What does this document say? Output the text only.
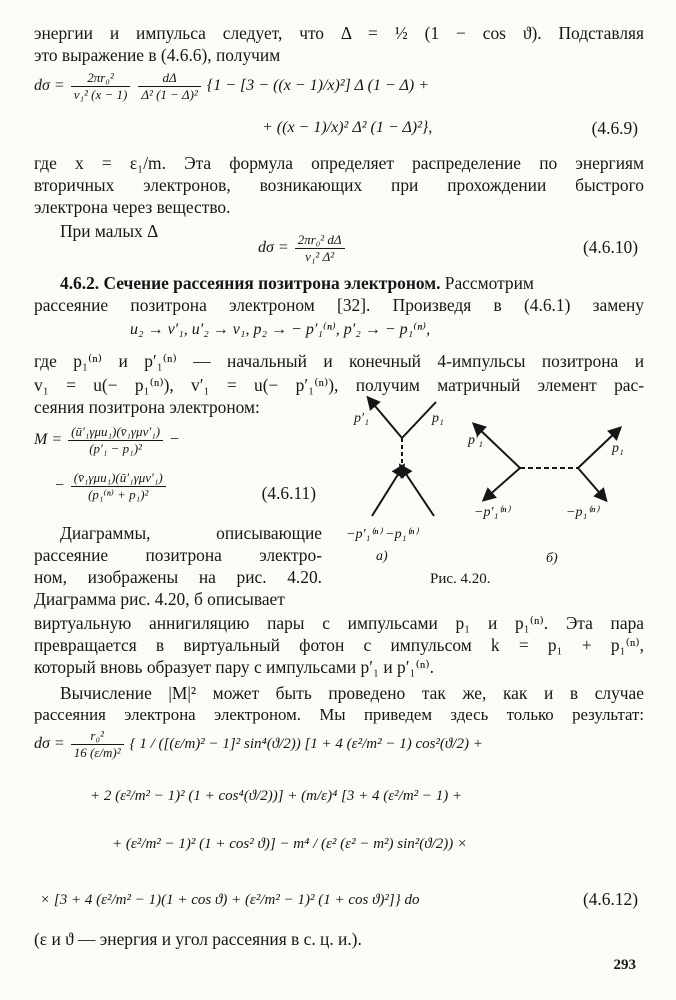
энергии и импульса следует, что Δ = ½ (1 − cos ϑ). Подставляя
это выражение в (4.6.6), получим
$d\sigma = \frac{\text{2πr₀²}}{\text{v₁² (x − 1)}}$
$\frac{d\Delta}{\text{Δ² (1 − Δ)²}} \{1 - [3 - ((x - 1)/x)^2]$ Δ (1 − Δ) +
+ ((x − 1)/x)² Δ² (1 − Δ)²},	(4.6.9)
где x = ε₁/m. Эта формула определяет распределение по энергиям
вторичных электронов, возникающих при прохождении быстрого
электрона через вещество.
При малых Δ
$d\sigma = \frac{\text{2πr₀² dΔ}}{\text{v₁² Δ²}}$	(4.6.10)
4.6.2. Сечение рассеяния позитрона электроном. Рассмотрим
рассеяние позитрона электроном [32]. Произведя в (4.6.1) замену
u₂ → v′₁, u′₂ → v₁, p₂ → − p′₁⁽ⁿ⁾, p′₂ → − p₁⁽ⁿ⁾,
где p₁⁽ⁿ⁾ и p′₁⁽ⁿ⁾ — начальный и конечный 4-импульсы позитрона и
v₁ = u(− p₁⁽ⁿ⁾), v′₁ = u(− p′₁⁽ⁿ⁾), получим матричный элемент рас-
сеяния позитрона электроном:
$M = \frac{\text{(ū′₁γμu₁)(v̄₁γμv′₁)}}{\text{(p′₁ − p₁)²}}$ −
− $\frac{\text{(v̄₁γμu₁)(ū′₁γμv′₁)}}{\text{(p₁⁽ⁿ⁾ + p₁)²}}$	(4.6.11)
Диаграммы, описывающие
рассеяние позитрона электро-
ном, изображены на рис. 4.20.
Диаграмма рис. 4.20, б описывает
p′₁	p₁
−p′₁⁽ⁿ⁾ −p₁⁽ⁿ⁾
а)
p′₁
p₁
−p′₁⁽ⁿ⁾	−p₁⁽ⁿ⁾
б)
Рис. 4.20.
виртуальную аннигиляцию пары с импульсами p₁ и p₁⁽ⁿ⁾. Эта пара
превращается в виртуальный фотон с импульсом k = p₁ + p₁⁽ⁿ⁾,
который вновь образует пару с импульсами p′₁ и p′₁⁽ⁿ⁾.
Вычисление |M|² может быть проведено так же, как и в случае
рассеяния электрона электроном. Мы приведем здесь только результат:
$d\sigma = \frac{\text{r₀²}}{\text{16 (ε/m)²}}$ { 1 / ([(ε/m)² − 1]² sin⁴(ϑ/2)) [1 + 4 (ε²/m² − 1) cos²(ϑ/2) +
+ 2 (ε²/m² − 1)² (1 + cos⁴(ϑ/2))] + (m/ε)⁴ [3 + 4 (ε²/m² − 1) +
+ (ε²/m² − 1)² (1 + cos² ϑ)] − m⁴ / (ε² (ε² − m²) sin²(ϑ/2)) ×
× [3 + 4 (ε²/m² − 1)(1 + cos ϑ) + (ε²/m² − 1)² (1 + cos ϑ)²]} do	(4.6.12)
(ε и ϑ — энергия и угол рассеяния в с. ц. и.).
293
